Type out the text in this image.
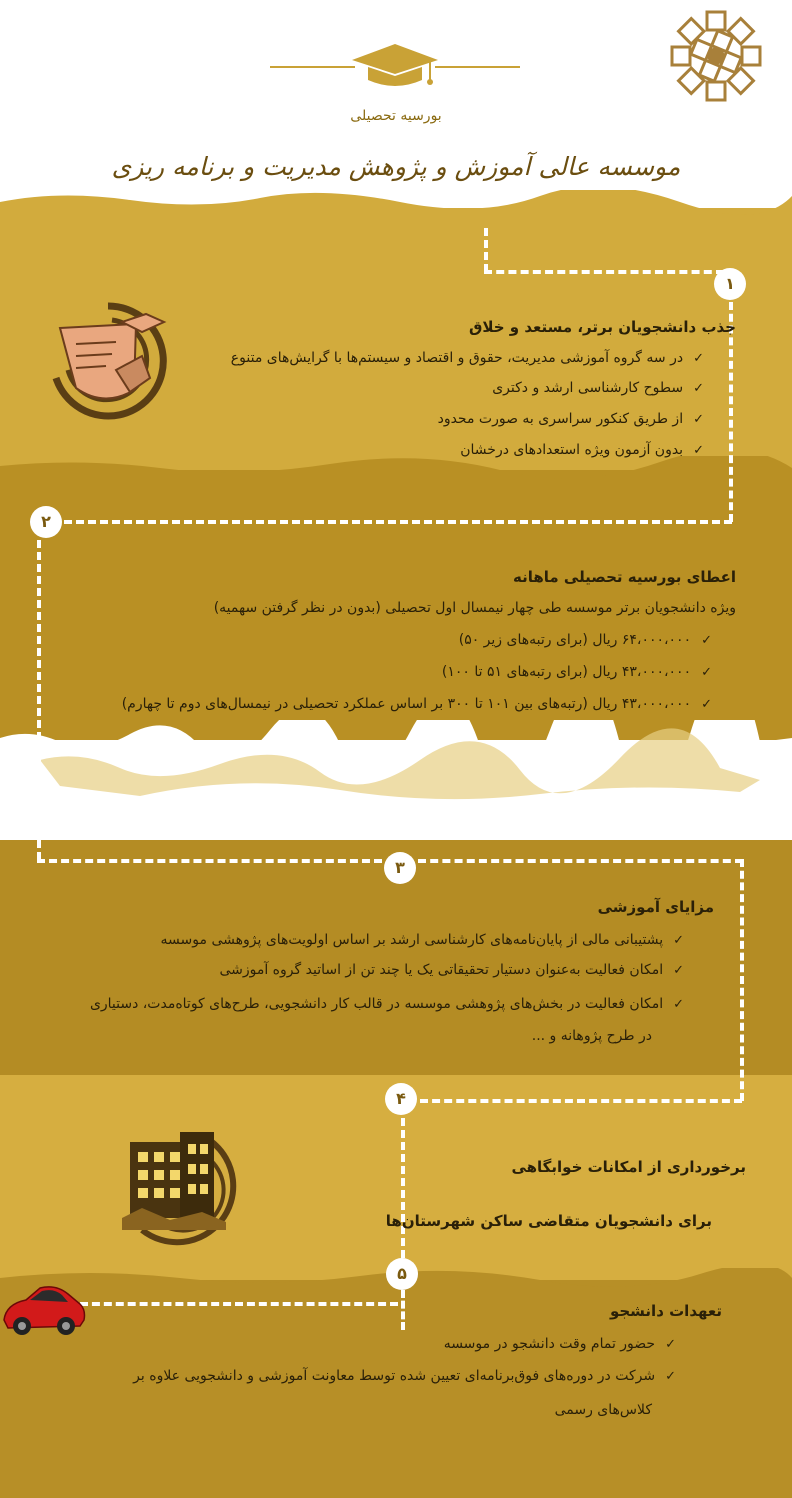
بورسیه تحصیلی
موسسه عالی آموزش و پژوهش مدیریت و برنامه ریزی
۱
۲
۳
۴
۵
جذب دانشجویان برتر، مستعد و خلاق
✓در سه گروه آموزشی مدیریت، حقوق و اقتصاد و سیستم‌ها با گرایش‌های متنوع
✓سطوح کارشناسی ارشد و دکتری
✓از طریق کنکور سراسری به صورت محدود
✓بدون آزمون ویژه استعدادهای درخشان
اعطای بورسیه تحصیلی ماهانه
ویژه دانشجویان برتر موسسه طی چهار نیمسال اول تحصیلی (بدون در نظر گرفتن سهمیه)
✓۶۴،۰۰۰،۰۰۰ ریال (برای رتبه‌های زیر ۵۰)
✓۴۳،۰۰۰،۰۰۰ ریال (برای رتبه‌های ۵۱ تا ۱۰۰)
✓۴۳،۰۰۰،۰۰۰ ریال (رتبه‌های بین ۱۰۱ تا ۳۰۰ بر اساس عملکرد تحصیلی در نیمسال‌های دوم تا چهارم)
مزایای آموزشی
✓پشتیبانی مالی از پایان‌نامه‌های کارشناسی ارشد بر اساس اولویت‌های پژوهشی موسسه
✓امکان فعالیت به‌عنوان دستیار تحقیقاتی یک یا چند تن از اساتید گروه آموزشی
✓امکان فعالیت در بخش‌های پژوهشی موسسه در قالب کار دانشجویی، طرح‌های کوتاه‌مدت، دستیاری
در طرح پژوهانه و ...
برخورداری از امکانات خوابگاهی
برای دانشجویان متقاضی ساکن شهرستان‌ها
تعهدات دانشجو
✓حضور تمام وقت دانشجو در موسسه
✓شرکت در دوره‌های فوق‌برنامه‌ای تعیین شده توسط معاونت آموزشی و دانشجویی علاوه بر
کلاس‌های رسمی
